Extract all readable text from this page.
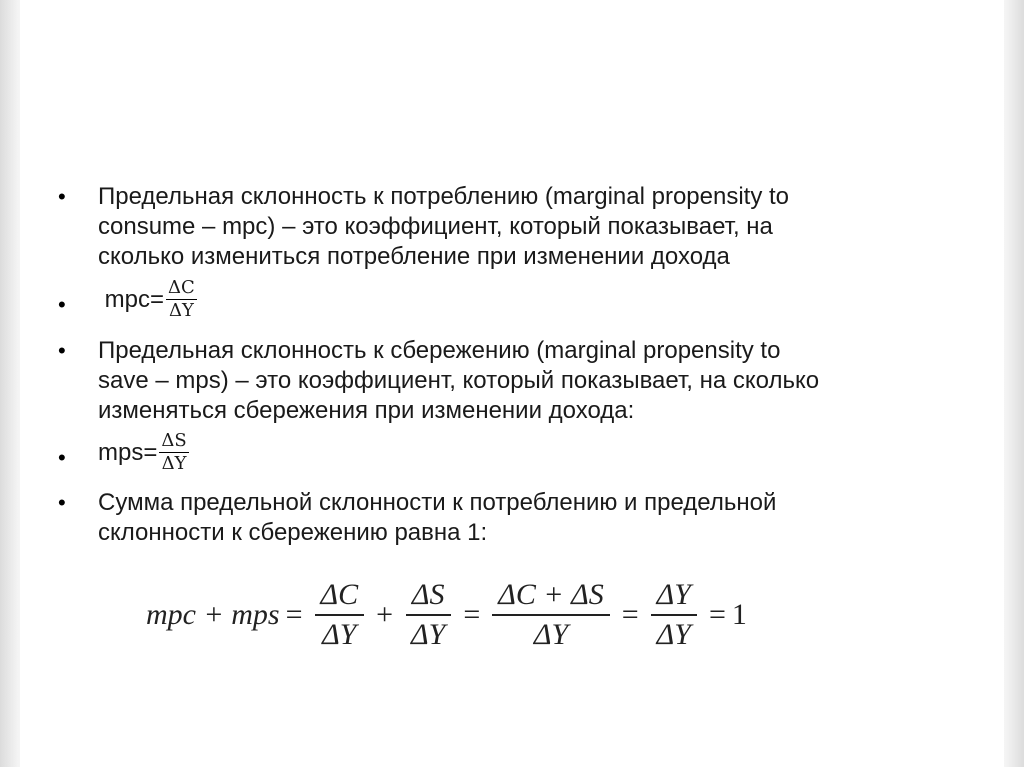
•	Предельная склонность к потреблению (marginal propensity to
consume – mpc) – это коэффициент, который показывает, на
сколько измениться потребление при изменении дохода
•	$mpc= \frac{\Delta C}{\Delta Y}$
•	Предельная склонность к сбережению (marginal propensity to
save – mps) – это коэффициент, который показывает, на сколько
изменяться сбережения при изменении дохода:
•	$mps= \frac{\Delta S}{\Delta Y}$
•	Сумма предельной склонности к потреблению и предельной
склонности к сбережению равна 1:
mpc + mps = $\frac{\Delta C}{\Delta Y} + \frac{\Delta S}{\Delta Y} = \frac{\Delta C + \Delta S}{\Delta Y} = \frac{\Delta Y}{\Delta Y} = 1$
